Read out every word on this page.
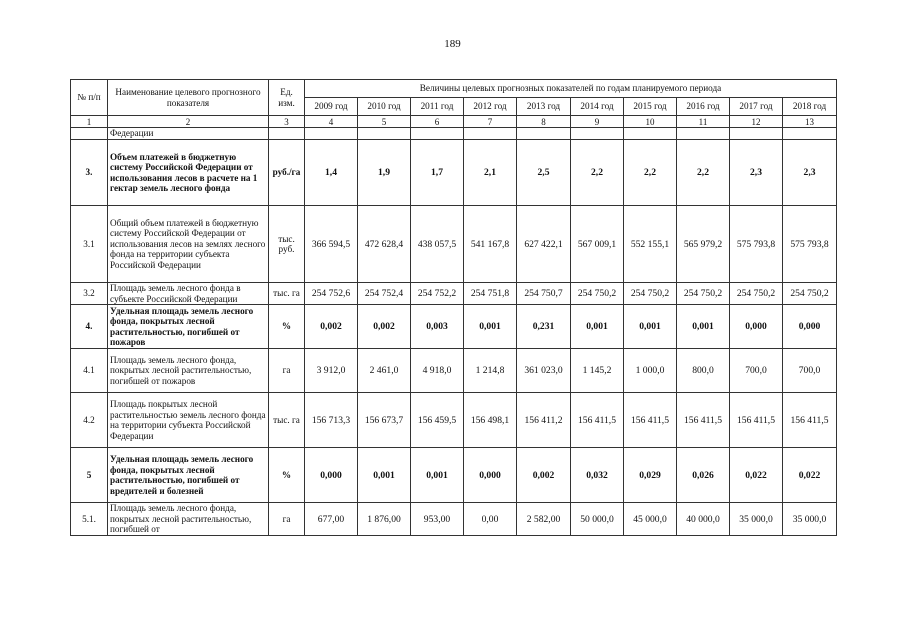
189
№ п/п	Наименование целевого прогнозного показателя	Ед. изм.	Величины целевых прогнозных показателей по годам планируемого периода									
			2009 год	2010 год	2011 год	2012 год	2013 год	2014 год	2015 год	2016 год	2017 год	2018 год
1	2	3	4	5	6	7	8	9	10	11	12	13
	Федерации											
3.	Объем платежей в бюджетную систему Российской Федерации от использования лесов в расчете на 1 гектар земель лесного фонда	руб./га	1,4	1,9	1,7	2,1	2,5	2,2	2,2	2,2	2,3	2,3
3.1	Общий объем платежей в бюджетную систему Российской Федерации от использования лесов на землях лесного фонда на территории субъекта Российской Федерации	тыс. руб.	366 594,5	472 628,4	438 057,5	541 167,8	627 422,1	567 009,1	552 155,1	565 979,2	575 793,8	575 793,8
3.2	Площадь земель лесного фонда в субъекте Российской Федерации	тыс. га	254 752,6	254 752,4	254 752,2	254 751,8	254 750,7	254 750,2	254 750,2	254 750,2	254 750,2	254 750,2
4.	Удельная площадь земель лесного фонда, покрытых лесной растительностью, погибшей от пожаров	%	0,002	0,002	0,003	0,001	0,231	0,001	0,001	0,001	0,000	0,000
4.1	Площадь земель лесного фонда, покрытых лесной растительностью, погибшей от пожаров	га	3 912,0	2 461,0	4 918,0	1 214,8	361 023,0	1 145,2	1 000,0	800,0	700,0	700,0
4.2	Площадь покрытых лесной растительностью земель лесного фонда на территории субъекта Российской Федерации	тыс. га	156 713,3	156 673,7	156 459,5	156 498,1	156 411,2	156 411,5	156 411,5	156 411,5	156 411,5	156 411,5
5	Удельная площадь земель лесного фонда, покрытых лесной растительностью, погибшей от вредителей и болезней	%	0,000	0,001	0,001	0,000	0,002	0,032	0,029	0,026	0,022	0,022
5.1.	Площадь земель лесного фонда, покрытых лесной растительностью, погибшей от	га	677,00	1 876,00	953,00	0,00	2 582,00	50 000,0	45 000,0	40 000,0	35 000,0	35 000,0
